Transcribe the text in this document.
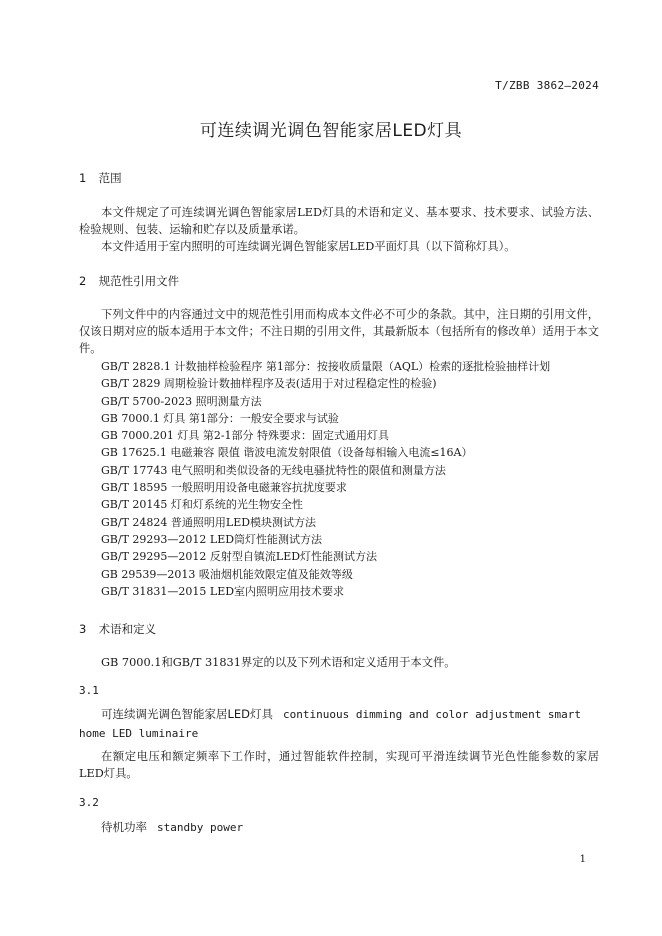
T/ZBB 3862—2024
可连续调光调色智能家居LED灯具
1 范围

本文件规定了可连续调光调色智能家居LED灯具的术语和定义、基本要求、技术要求、试验方法、检验规则、包装、运输和贮存以及质量承诺。

本文件适用于室内照明的可连续调光调色智能家居LED平面灯具（以下简称灯具）。

2 规范性引用文件

下列文件中的内容通过文中的规范性引用而构成本文件必不可少的条款。其中，注日期的引用文件，仅该日期对应的版本适用于本文件；不注日期的引用文件，其最新版本（包括所有的修改单）适用于本文件。

GB/T 2828.1 计数抽样检验程序 第1部分：按接收质量限（AQL）检索的逐批检验抽样计划
GB/T 2829 周期检验计数抽样程序及表(适用于对过程稳定性的检验)
GB/T 5700-2023 照明测量方法
GB 7000.1 灯具 第1部分：一般安全要求与试验
GB 7000.201 灯具 第2-1部分 特殊要求：固定式通用灯具
GB 17625.1 电磁兼容 限值 谐波电流发射限值（设备每相输入电流≤16A）
GB/T 17743 电气照明和类似设备的无线电骚扰特性的限值和测量方法
GB/T 18595 一般照明用设备电磁兼容抗扰度要求
GB/T 20145 灯和灯系统的光生物安全性
GB/T 24824 普通照明用LED模块测试方法
GB/T 29293—2012 LED筒灯性能测试方法
GB/T 29295—2012 反射型自镇流LED灯性能测试方法
GB 29539—2013 吸油烟机能效限定值及能效等级
GB/T 31831—2015 LED室内照明应用技术要求
3 术语和定义

GB 7000.1和GB/T 31831界定的以及下列术语和定义适用于本文件。

3.1

可连续调光调色智能家居LED灯具 continuous dimming and color adjustment smart home LED luminaire

在额定电压和额定频率下工作时，通过智能软件控制，实现可平滑连续调节光色性能参数的家居LED灯具。

3.2

待机功率 standby power

1
